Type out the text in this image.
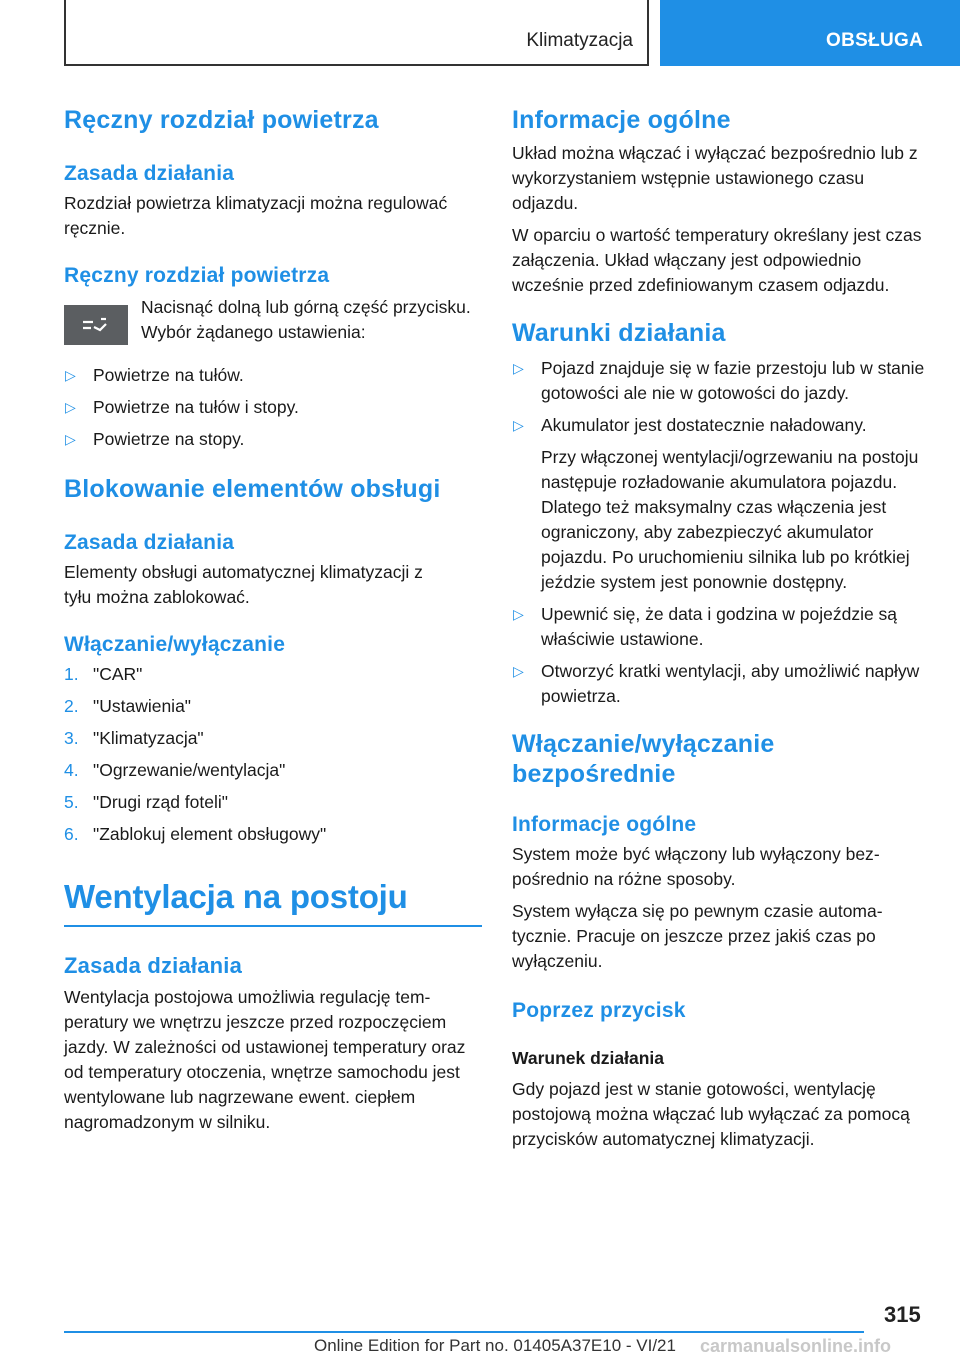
Klimatyzacja	OBSŁUGA
Ręczny rozdział powietrza
Zasada działania

Rozdział powietrza klimatyzacji można regulować ręcznie.

Ręczny rozdział powietrza

Nacisnąć dolną lub górną część przycisku. Wybór żądanego ustawienia:

▷ Powietrze na tułów.
▷ Powietrze na tułów i stopy.
▷ Powietrze na stopy.
Blokowanie elementów obsługi
Zasada działania

Elementy obsługi automatycznej klimatyzacji z tyłu można zablokować.

Włączanie/wyłączanie
1. "CAR"
2. "Ustawienia"
3. "Klimatyzacja"
4. "Ogrzewanie/wentylacja"
5. "Drugi rząd foteli"
6. "Zablokuj element obsługowy"
Wentylacja na postoju
Zasada działania

Wentylacja postojowa umożliwia regulację temperatury we wnętrzu jeszcze przed rozpoczęciem jazdy. W zależności od ustawionej temperatury oraz od temperatury otoczenia, wnętrze samochodu jest wentylowane lub nagrzewane ewent. ciepłem nagromadzonym w silniku.

Informacje ogólne

Układ można włączać i wyłączać bezpośrednio lub z wykorzystaniem wstępnie ustawionego czasu odjazdu.

W oparciu o wartość temperatury określany jest czas załączenia. Układ włączany jest odpowiednio wcześnie przed zdefiniowanym czasem odjazdu.

Warunki działania
▷ Pojazd znajduje się w fazie przestoju lub w stanie gotowości ale nie w gotowości do jazdy.
▷ Akumulator jest dostatecznie naładowany.

Przy włączonej wentylacji/ogrzewaniu na postoju następuje rozładowanie akumulatora pojazdu. Dlatego też maksymalny czas włączenia jest ograniczony, aby zabezpieczyć akumulator pojazdu. Po uruchomieniu silnika lub po krótkiej jeździe system jest ponownie dostępny.

▷ Upewnić się, że data i godzina w pojeździe są właściwie ustawione.
▷ Otworzyć kratki wentylacji, aby umożliwić napływ powietrza.
Włączanie/wyłączanie
bezpośrednie
Informacje ogólne

System może być włączony lub wyłączony bezpośrednio na różne sposoby.

System wyłącza się po pewnym czasie automatycznie. Pracuje on jeszcze przez jakiś czas po wyłączeniu.

Poprzez przycisk
Warunek działania

Gdy pojazd jest w stanie gotowości, wentylację postojową można włączać lub wyłączać za pomocą przycisków automatycznej klimatyzacji.

315
Online Edition for Part no. 01405A37E10 - VI/21 carmanualsonline.info
